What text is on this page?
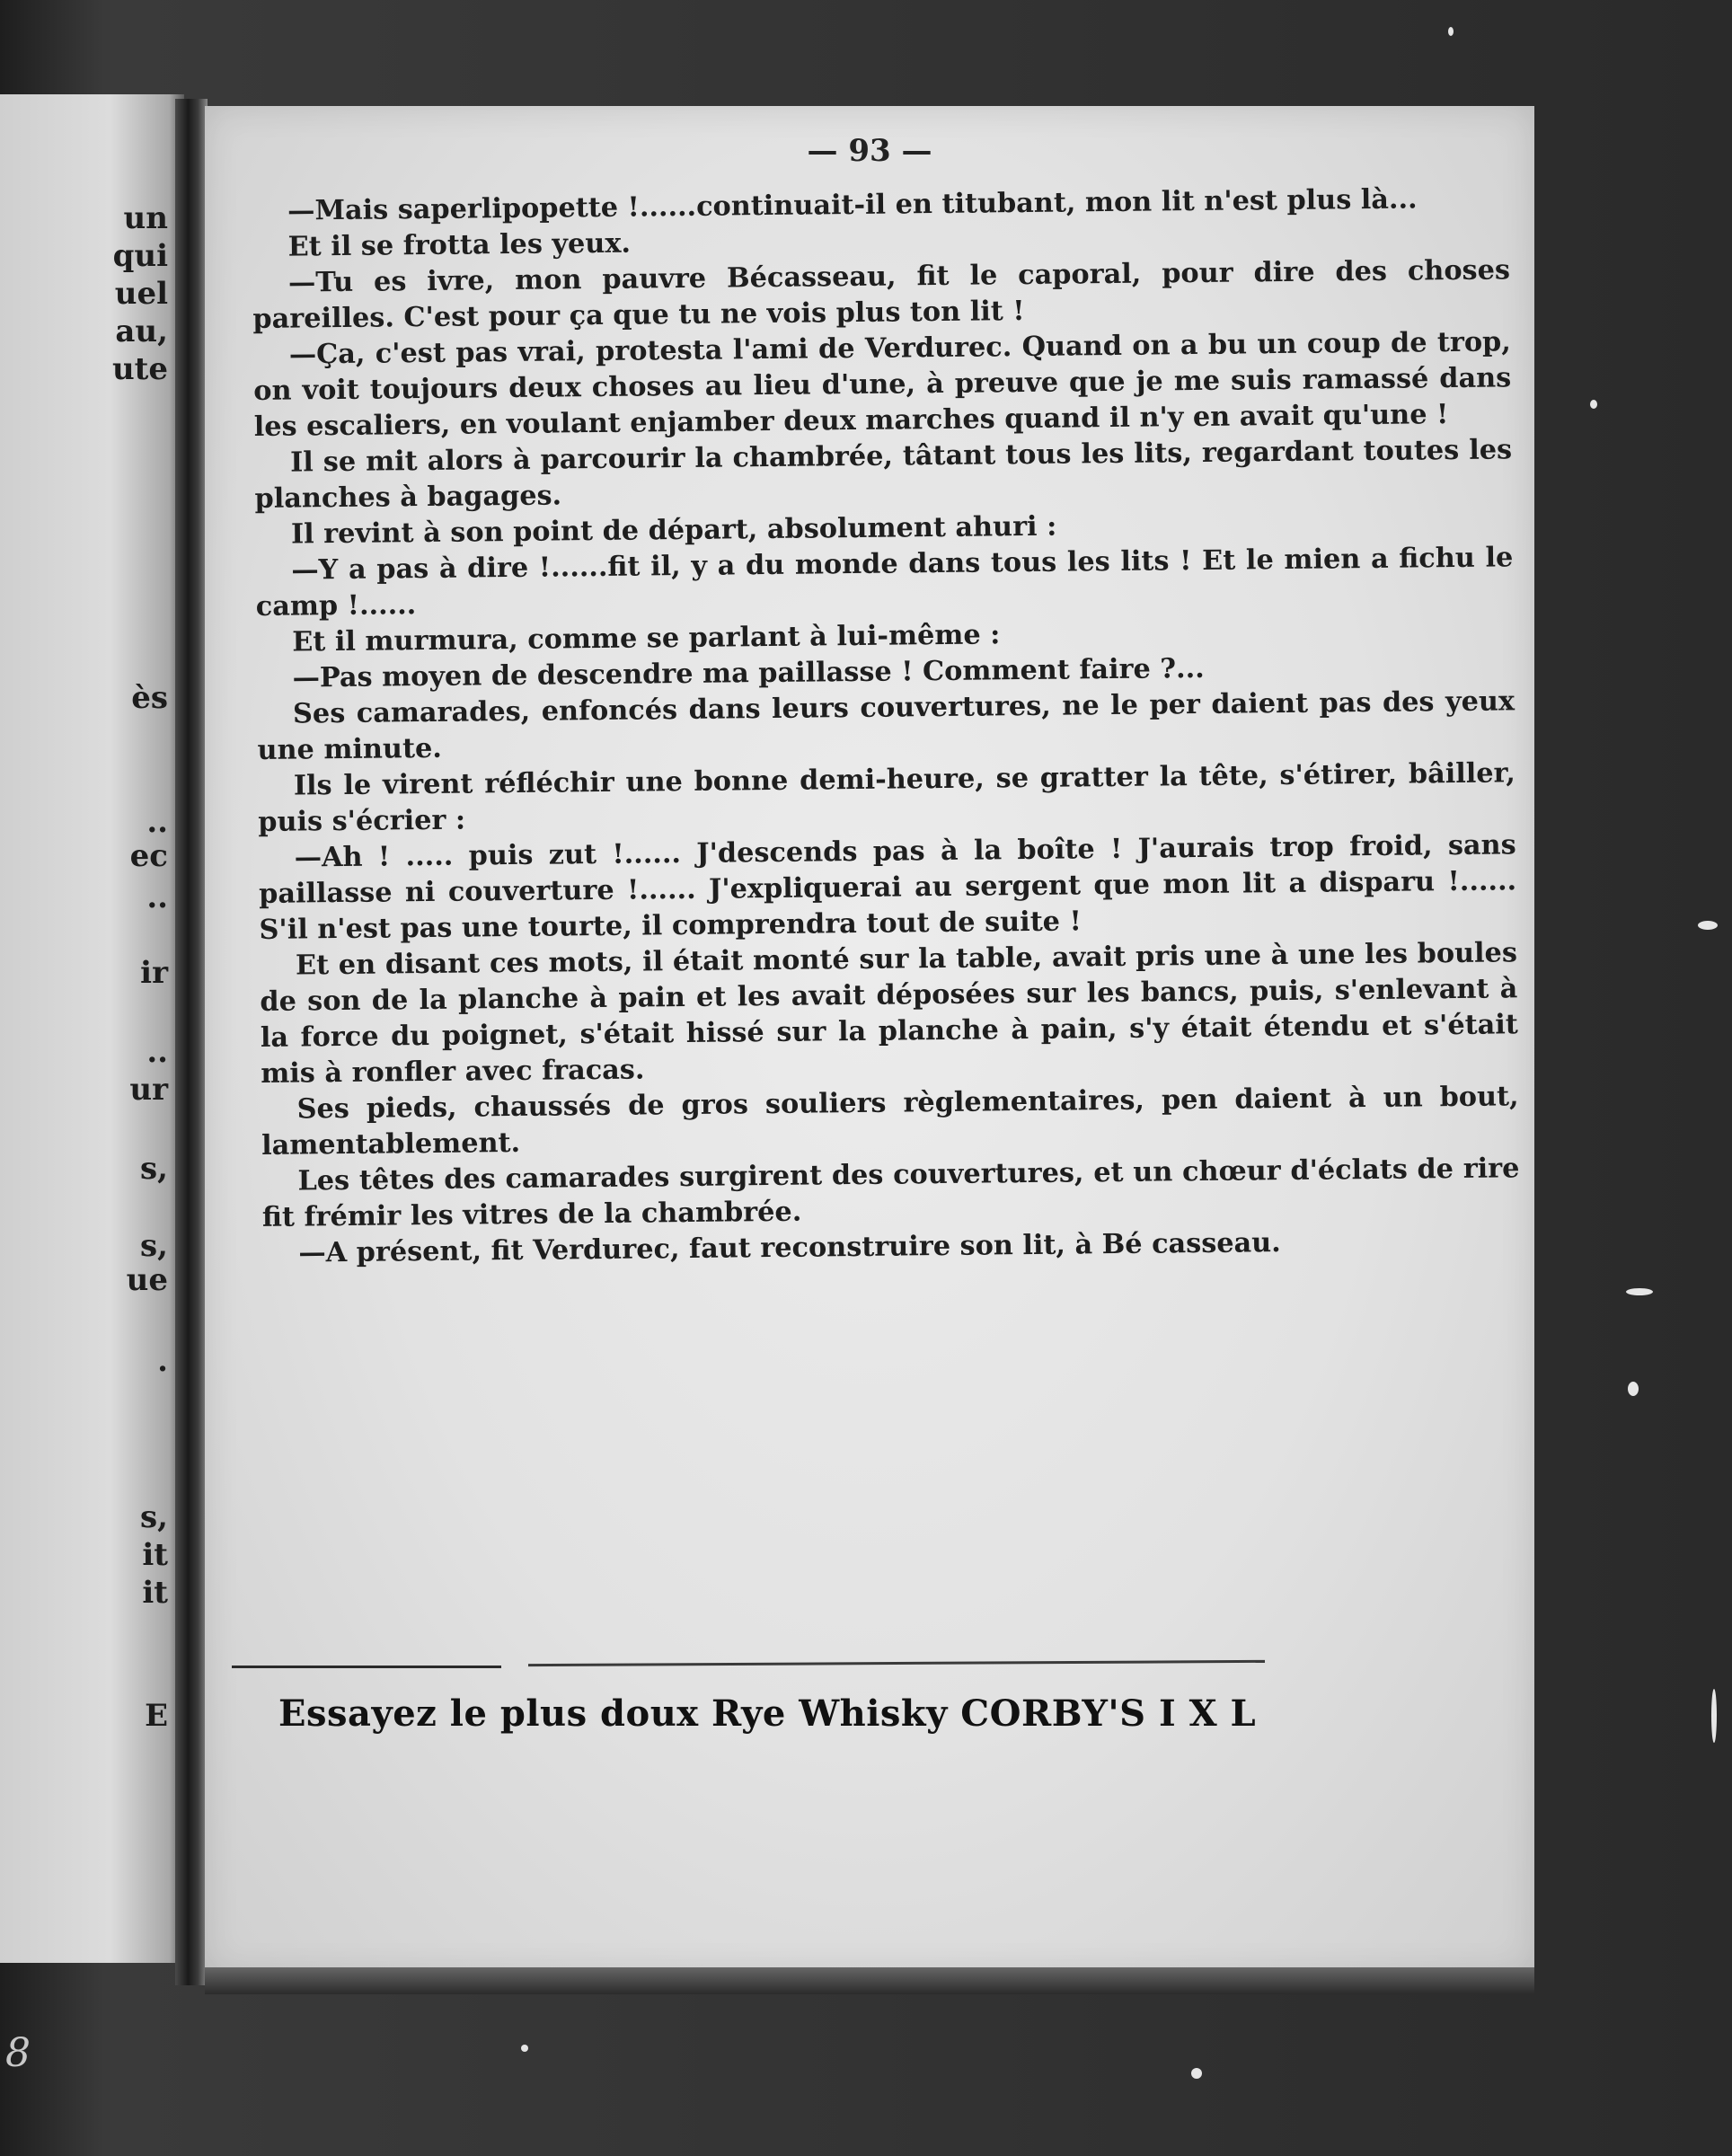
un
qui
uel
au,
ute
ès
..
ec
..
ir
..
ur
s,
s,
ue
.
s,
it
it
E
8
— 93 —

—Mais saperlipopette !......continuait-il en titubant, mon lit n'est plus là...

Et il se frotta les yeux.

—Tu es ivre, mon pauvre Bécasseau, fit le caporal, pour dire des choses pareilles. C'est pour ça que tu ne vois plus ton lit !

—Ça, c'est pas vrai, protesta l'ami de Verdurec. Quand on a bu un coup de trop, on voit toujours deux choses au lieu d'une, à preuve que je me suis ramassé dans les escaliers, en voulant enjamber deux marches quand il n'y en avait qu'une !

Il se mit alors à parcourir la chambrée, tâtant tous les lits, regardant toutes les planches à bagages.

Il revint à son point de départ, absolument ahuri :

—Y a pas à dire !......fit il, y a du monde dans tous les lits ! Et le mien a fichu le camp !......

Et il murmura, comme se parlant à lui-même :

—Pas moyen de descendre ma paillasse ! Comment faire ?...

Ses camarades, enfoncés dans leurs couvertures, ne le per daient pas des yeux une minute.

Ils le virent réfléchir une bonne demi-heure, se gratter la tête, s'étirer, bâiller, puis s'écrier :

—Ah ! ..... puis zut !...... J'descends pas à la boîte ! J'aurais trop froid, sans paillasse ni couverture !...... J'expliquerai au sergent que mon lit a disparu !...... S'il n'est pas une tourte, il comprendra tout de suite !

Et en disant ces mots, il était monté sur la table, avait pris une à une les boules de son de la planche à pain et les avait déposées sur les bancs, puis, s'enlevant à la force du poignet, s'était hissé sur la planche à pain, s'y était étendu et s'était mis à ronfler avec fracas.

Ses pieds, chaussés de gros souliers règlementaires, pen daient à un bout, lamentablement.

Les têtes des camarades surgirent des couvertures, et un chœur d'éclats de rire fit frémir les vitres de la chambrée.

—A présent, fit Verdurec, faut reconstruire son lit, à Bé casseau.

Essayez le plus doux Rye Whisky CORBY'S I X L
